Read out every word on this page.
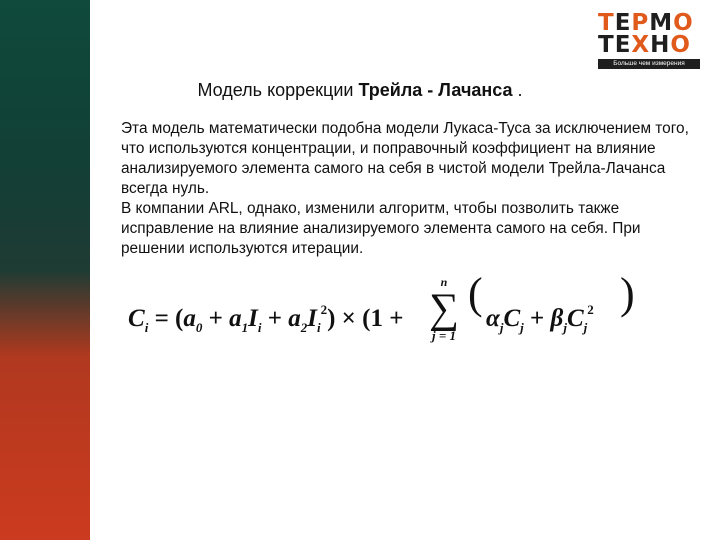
ТЕРМО
ТЕХНО
Больше чем измерения
Модель коррекции Трейла - Лачанса .

Эта модель математически подобна модели Лукаса-Туса за исключением того, что используются концентрации, и поправочный коэффициент на влияние анализируемого элемента самого на себя в чистой модели Трейла-Лачанса всегда нуль.

В компании ARL, однако, изменили алгоритм, чтобы позволить также исправление на влияние анализируемого элемента самого на себя. При решении используются итерации.

$C_i = (a_0 + a_1I_i + a_2I_i^2) \times (1$ +
n
∑
j = 1
(
$\alpha_jC_j + \beta_jC_j^2$ )
